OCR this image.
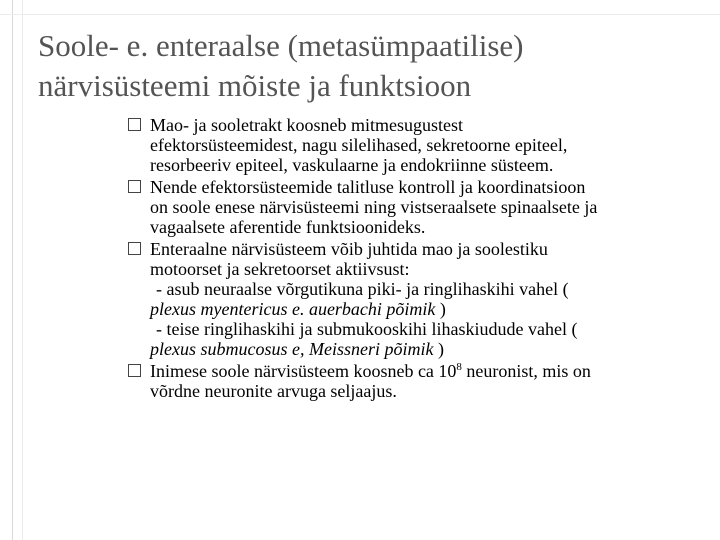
Soole- e. enteraalse (metasümpaatilise)
närvisüsteemi mõiste ja funktsioon
Mao- ja sooletrakt koosneb mitmesugustest
efektorsüsteemidest, nagu silelihased, sekretoorne epiteel,
resorbeeriv epiteel, vaskulaarne ja endokriinne süsteem.
Nende efektorsüsteemide talitluse kontroll ja koordinatsioon
on soole enese närvisüsteemi ning vistseraalsete spinaalsete ja
vagaalsete aferentide funktsioonideks.
Enteraalne närvisüsteem võib juhtida mao ja soolestiku
motoorset ja sekretoorset aktiivsust:
- asub neuraalse võrgutikuna piki- ja ringlihaskihi vahel (
plexus myentericus e. auerbachi põimik )
- teise ringlihaskihi ja submukooskihi lihaskiudude vahel (
plexus submucosus e, Meissneri põimik )
Inimese soole närvisüsteem koosneb ca $10^8$ neuronist, mis on
võrdne neuronite arvuga seljaajus.
